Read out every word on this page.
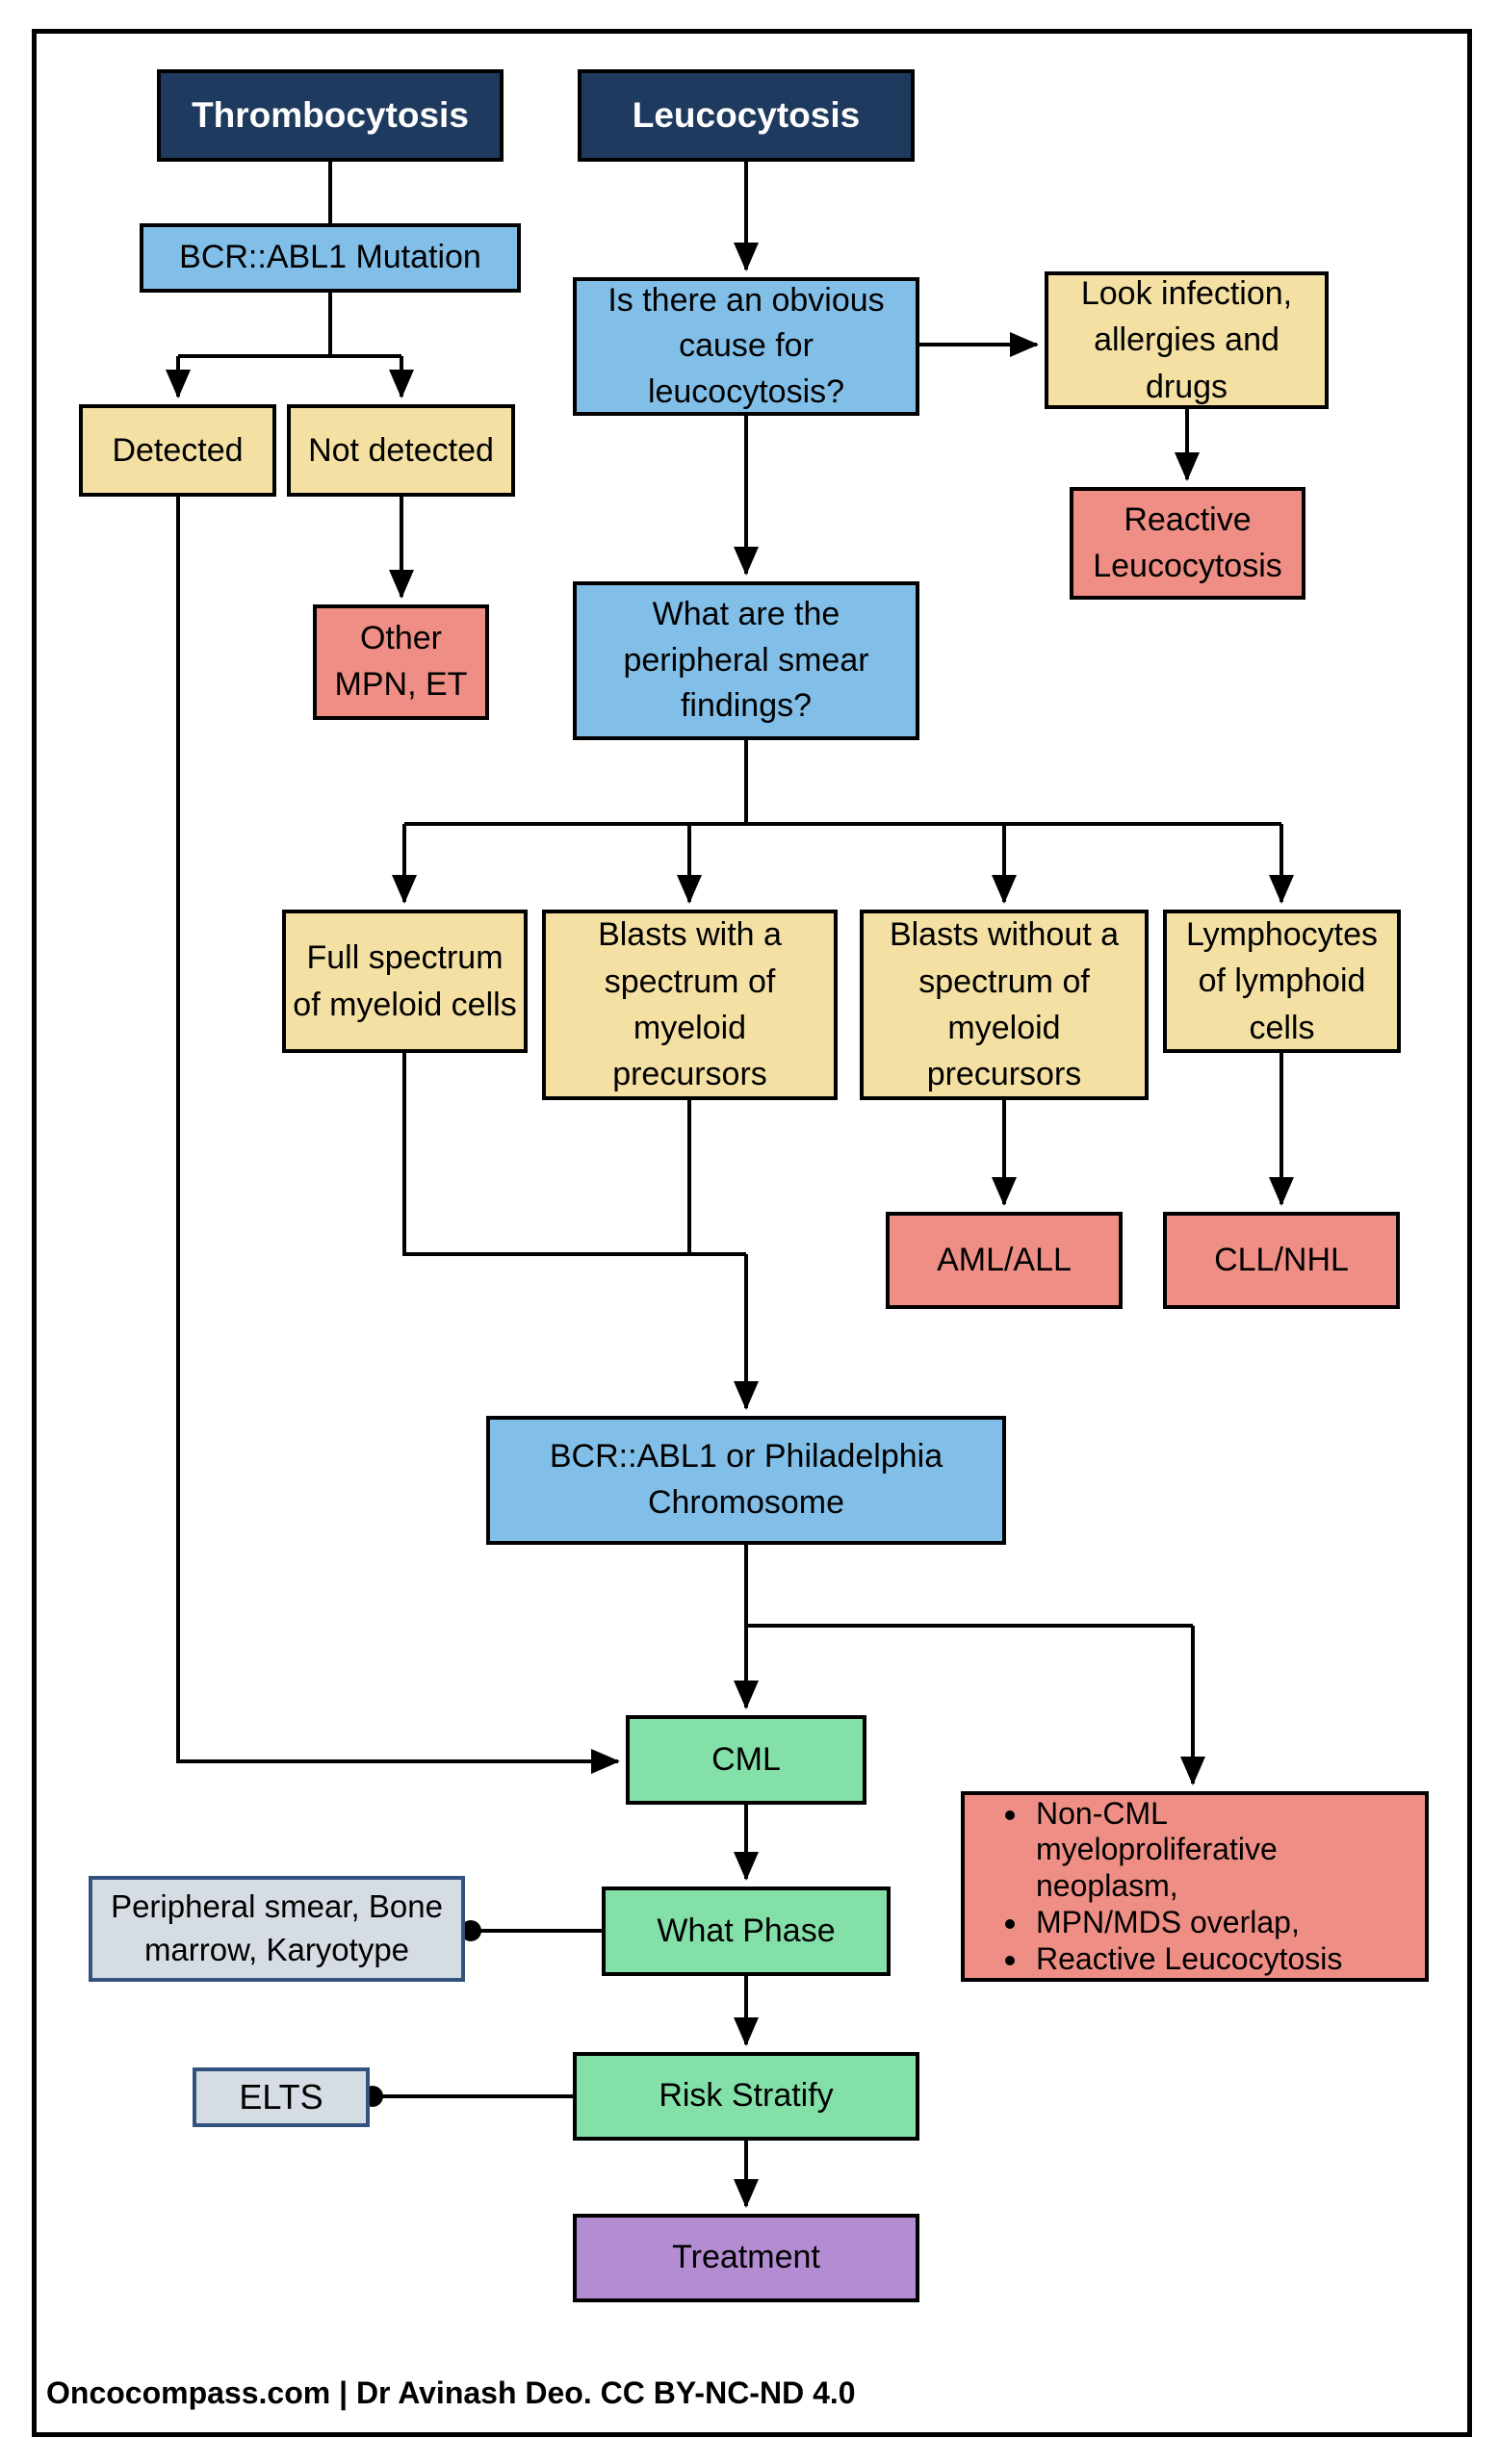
Thrombocytosis	Leucocytosis
BCR::ABL1 Mutation
Is there an obvious cause for leucocytosis?
Look infection, allergies and drugs
Reactive Leucocytosis
Detected	Not detected
Other MPN, ET
What are the peripheral smear findings?
Full spectrum of myeloid cells
Blasts with a spectrum of myeloid precursors
Blasts without a spectrum of myeloid precursors
Lymphocytes of lymphoid cells
AML/ALL	CLL/NHL
BCR::ABL1 or Philadelphia Chromosome
CML
• Non-CML myeloproliferative neoplasm,
• MPN/MDS overlap,
• Reactive Leucocytosis
Peripheral smear, Bone marrow, Karyotype
What Phase
ELTS	Risk Stratify
Treatment
Oncocompass.com | Dr Avinash Deo. CC BY-NC-ND 4.0
